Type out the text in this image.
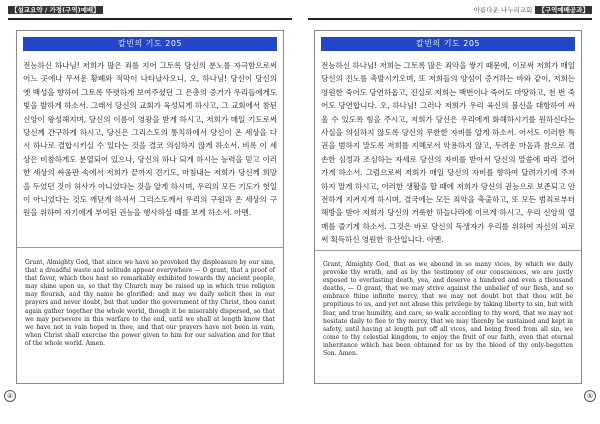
【설교요약 / 가정(구역)예배】
칼빈의 기도 205
전능하신 하나님! 저희가 많은 죄를 지어 그토록 당신의 분노를 자극함으로써 어느 곳에나 무서운 황폐와 적막이 나타났사오니, 오, 하나님! 당신이 당신의 옛 백성을 향하여 그토록 뚜렷하게 보여주셨던 그 은총의 증거가 우리들에게도 빛을 발하게 하소서. 그래서 당신의 교회가 육성되게 하시고, 그 교회에서 참된 신앙이 왕성해지며, 당신의 이름이 영광을 받게 하시고, 저희가 매일 기도로써 당신께 간구하게 하시고, 당신은 그리스도의 통치하에서 당신이 온 세상을 다시 하나로 결합시키실 수 있다는 것을 결코 의심하지 않게 하소서. 비록 이 세상은 비참하게도 분열되어 있으나, 당신의 하나 되게 하시는 능력을 믿고 이러한 세상의 싸움판 속에서 저희가 끝까지 견기도, 마침내는 저희가 당신께 희망을 두었던 것이 허사가 아니었다는 것을 알게 하시며, 우리의 모든 기도가 헛일이 아니었다는 것도 깨닫게 하셔서 그리스도께서 우리의 구원과 온 세상의 구원을 위하여 자기에게 부여된 권능을 행사하실 때를 보게 하소서. 아멘.
Grant, Almighty God, that since we have so provoked thy displeasure by our sins, that a dreadful waste and solitude appear everywhere — O grant, that a proof of that favor, which thou hast so remarkably exhibited towards thy ancient people, may shine upon us, so that thy Church may be raised up in which true religion may flourish, and thy name be glorified; and may we daily solicit thee in our prayers and never doubt, but that under the government of thy Christ, thou canst again gather together the whole world, though it be miserably dispersed, so that we may persevere in this warfare to the end, until we shall at length know that we have not in vain hoped in thee, and that our prayers have not been in vain, when Christ shall exercise the power given to him for our salvation and for that of the whole world. Amen.
④
아름다운 나누리교회 【구역예배공과】
칼빈의 기도 205
전능하신 하나님! 저희는 그토록 많은 죄악을 쌓기 때문에, 이로써 저희가 매일 당신의 진노를 촉발시키오며, 또 저희들의 양심이 증거하는 바와 같이, 저희는 영원한 죽어도 당연하옵고, 진실로 저희는 백번이나 죽어도 마땅하고, 천 번 죽어도 당연합니다. 오, 하나님! 그러나 저희가 우리 육신의 불신을 대항하여 싸울 수 있도록 힘을 주시고, 저희가 당신은 우리에게 화해하시기를 원하신다는 사실을 의심하지 않도록 당신의 무한한 자비를 알게 하소서. 어서도 이러한 특권을 범하지 말도록 저희를 지혜로서 악용하지 않고, 두려운 마음과 참으로 겸손한 심정과 조심하는 자세로 당신의 자비를 받아서 당신의 말씀에 따라 걸어가게 하소서. 그럼으로써 저희가 매일 당신의 자비를 향하여 달려가기에 주저하지 말게 하시고, 이러한 생활을 할 때에 저희가 당신의 권능으로 보존되고 안전하게 지켜지게 하시며, 결국에는 모든 죄악을 축출하고, 또 모든 범죄로부터 해방을 받아 저희가 당신의 거룩한 하늘나라에 이르게 하시고, 우리 신앙의 열매를 즐기게 하소서. 그것은 바로 당신의 독생자가 우리를 위하여 자신의 피로써 획득하신 영원한 유산입니다. 아멘.
Grant, Almighty God, that as we abound in so many vices, by which we daily provoke thy wrath, and as by the testimony of our consciences, we are justly exposed to everlasting death, yea, and deserve a hundred and even a thousand deaths, — O grant, that we may strive against the unbelief of our flesh, and so embrace thine infinite mercy, that we may not doubt but that thou wilt be propitious to us, and yet not abuse this privilege by taking liberty to sin, but with fear, and true humility, and care, so walk according to thy word, that we may not hesitate daily to flee to thy mercy, that we may thereby be sustained and kept in safety, until having at length put off all vices, and being freed from all sin, we come to thy celestial kingdom, to enjoy the fruit of our faith, even that eternal inheritance which has been obtained for us by the blood of thy only-begotten Son. Amen.
⑤
